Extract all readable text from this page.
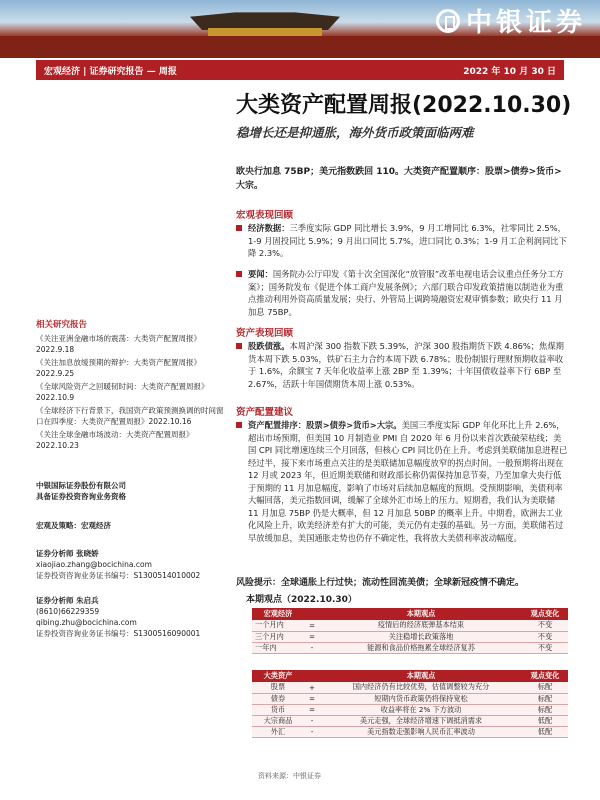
中银证券
宏观经济 | 证券研究报告 — 周报	2022 年 10 月 30 日
大类资产配置周报(2022.10.30)
稳增长还是抑通胀，海外货币政策面临两难
欧央行加息 75BP；美元指数跌回 110。大类资产配置顺序：股票>债券>货币>大宗。
宏观表现回顾
经济数据：三季度实际 GDP 同比增长 3.9%，9 月工增同比 6.3%，社零同比 2.5%，1-9 月固投同比 5.9%；9 月出口同比 5.7%，进口同比 0.3%；1-9 月工企利润同比下降 2.3%。
要闻：国务院办公厅印发《第十次全国深化“放管服”改革电视电话会议重点任务分工方案》；国务院发布《促进个体工商户发展条例》；六部门联合印发政策措施以制造业为重点推动利用外资高质量发展；央行、外管局上调跨境融资宏观审慎参数；欧央行 11 月加息 75BP。
资产表现回顾
股跌债涨。本周沪深 300 指数下跌 5.39%，沪深 300 股指期货下跌 4.86%；焦煤期货本周下跌 5.03%，铁矿石主力合约本周下跌 6.78%；股份制银行理财预期收益率收于 1.6%，余额宝 7 天年化收益率上涨 2BP 至 1.39%；十年国债收益率下行 6BP 至 2.67%，活跃十年国债期货本周上涨 0.53%。
资产配置建议
资产配置排序：股票>债券>货币>大宗。美国三季度实际 GDP 年化环比上升 2.6%，超出市场预期，但美国 10 月制造业 PMI 自 2020 年 6 月份以来首次跌破荣枯线；美国 CPI 同比增速连续三个月回落，但核心 CPI 同比仍在上升。考虑到美联储加息进程已经过半，接下来市场重点关注的是美联储加息幅度放窄的拐点时间。一般预期将出现在 12 月或 2023 年，但近期美联储和财政部长称仍需保持加息节奏，乃至加拿大央行低于预期的 11 月加息幅度，影响了市场对后续加息幅度的预期。受预期影响，美债利率大幅回落，美元指数回调，缓解了全球外汇市场上的压力。短期看，我们认为美联储 11 月加息 75BP 仍是大概率，但 12 月加息 50BP 的概率上升。中期看，欧洲去工业化风险上升，欧美经济差有扩大的可能，美元仍有走强的基础。另一方面，美联储若过早放缓加息，美国通胀走势也仍存不确定性，我将放大美债利率波动幅度。
相关研究报告
《关注亚洲金融市场的震荡：大类资产配置周报》2022.9.18
《关注加息放缓预期的辩护：大类资产配置周报》2022.9.25
《全球风险资产之回暖韧时间：大类资产配置周报》2022.10.9
《全球经济下行背景下，我国资产政策预测换调的时间窗口在四季度：大类资产配置周报》2022.10.16
《关注全球金融市场波动：大类资产配置周报》2022.10.23
中银国际证券股份有限公司
具备证券投资咨询业务资格
宏观及策略：宏观经济
证券分析师 张晓娇
xiaojiao.zhang@bocichina.com
证券投资咨询业务证书编号：S1300514010002
证券分析师 朱启兵
(8610)66229359
qibing.zhu@bocichina.com
证券投资咨询业务证书编号：S1300516090001
风险提示：全球通胀上行过快；流动性回流美债；全球新冠疫情不确定。
本期观点（2022.10.30）
宏观经济		本期观点	观点变化
一个月内	=	疫情后的经济底弹基本结束	不变
三个月内	=	关注稳增长政策落地	不变
一年内	-	能源和食品价格拖累全球经济复苏	不变
大类资产		本期观点	观点变化
股票	+	国内经济仍有比较优势，估值调整较为充分	标配
债券	=	短期内货币政策仍将保持宽松	标配
货币	=	收益率将在 2% 下方波动	标配
大宗商品	-	美元走强，全球经济增速下调抵消需求	低配
外汇	-	美元指数走强影响人民币汇率波动	低配
资料来源：中银证券
